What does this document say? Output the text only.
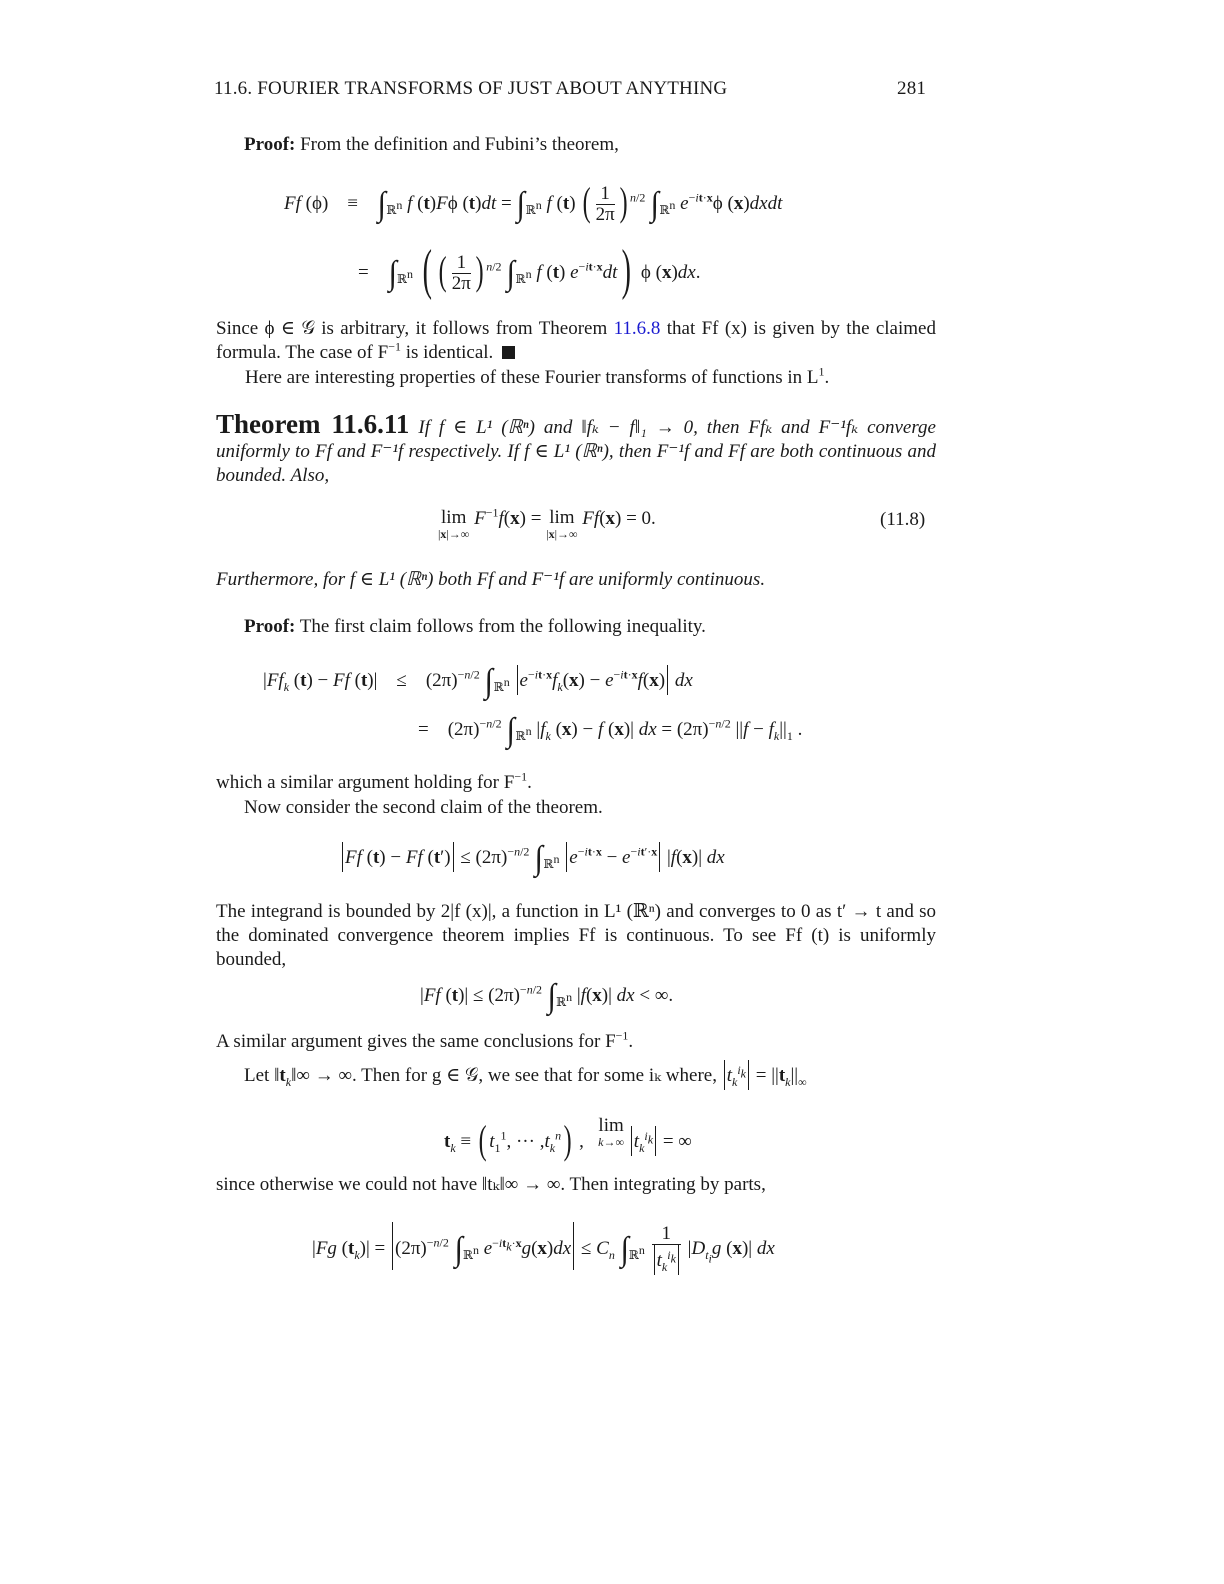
11.6. FOURIER TRANSFORMS OF JUST ABOUT ANYTHING	281
Proof: From the definition and Fubini’s theorem,
Ff (ϕ)    ≡    $\int_{ℝ^n}$ f (t)Fϕ $(t)dt = \int_{ℝ^n}$ f (t) ( $\frac{1}{2\pi}$ ) $^{n/2}$ $\int_{ℝ^n}$ $e^{-it\cdot x}\phi$ (x)dxdt
=    $\int_{ℝ^n}$ ( ( $\frac{1}{2\pi}$ ) $^{n/2}$ $\int_{ℝ^n}$ f (t) $e^{-it\cdot x}dt$) ϕ (x)dx.
Since ϕ ∈ 𝒢 is arbitrary, it follows from Theorem 11.6.8 that Ff (x) is given by the claimed formula. The case of $F^{-1}$ is identical.
Here are interesting properties of these Fourier transforms of functions in $L^1$.
Theorem 11.6.11 If f ∈ L¹ (ℝⁿ) and ‖fₖ − f‖₁ → 0, then Ffₖ and F⁻¹fₖ converge uniformly to Ff and F⁻¹f respectively. If f ∈ L¹ (ℝⁿ), then F⁻¹f and Ff are both continuous and bounded. Also,
lim
|x|→∞
$F^{-1}f(x) = \lim$
|x|→∞
Ff(x) = 0.	(11.8)
Furthermore, for f ∈ L¹ (ℝⁿ) both Ff and F⁻¹f are uniformly continuous.
Proof: The first claim follows from the following inequality.
$|Ff_k$ (t) − Ff (t)|    ≤    $(2\pi)^{-n/2}$ $\int_{ℝ^n}$ $e^{-it\cdot x}f_k(x) - e^{-it\cdot x}f(x)$ dx
=    $(2\pi)^{-n/2}$ $\int_{ℝ^n}$ $|f_k$ (x) − f (x)| dx = $(2\pi)^{-n/2}$ $||f - f_k||_1$ .
which a similar argument holding for $F^{-1}$.
Now consider the second claim of the theorem.
Ff (t) − Ff $(t') \le (2\pi)^{-n/2}$ $\int_{ℝ^n}$ $e^{-it\cdot x} - e^{-it'\cdot x}$ |f(x)| dx
The integrand is bounded by 2|f (x)|, a function in L¹ (ℝⁿ) and converges to 0 as t′ → t and so the dominated convergence theorem implies Ff is continuous. To see Ff (t) is uniformly bounded,
|Ff $(t)| \le (2\pi)^{-n/2}$ $\int_{ℝ^n}$ |f(x)| dx < ∞.
A similar argument gives the same conclusions for $F^{-1}$.
Let $‖t_k‖\infty$ → ∞. Then for g ∈ 𝒢, we see that for some iₖ where, $t_k^{i_k} = ||t_k||_\infty$
$t_k$ ≡ ( $t_1^1$, ··· $,t_k^n$) ,   lim
k→∞ $t_k^{i_k}$ = ∞
since otherwise we could not have ‖tₖ‖∞ → ∞. Then integrating by parts,
|Fg $(t_k)| = (2\pi)^{-n/2}$ $\int_{ℝ^n}$ $e^{-it_k\cdot x}g(x)dx \le C_n$ $\int_{ℝ^n} \frac{1}{t_k^{i_k}} |D_{t_i}g$ (x)| dx
